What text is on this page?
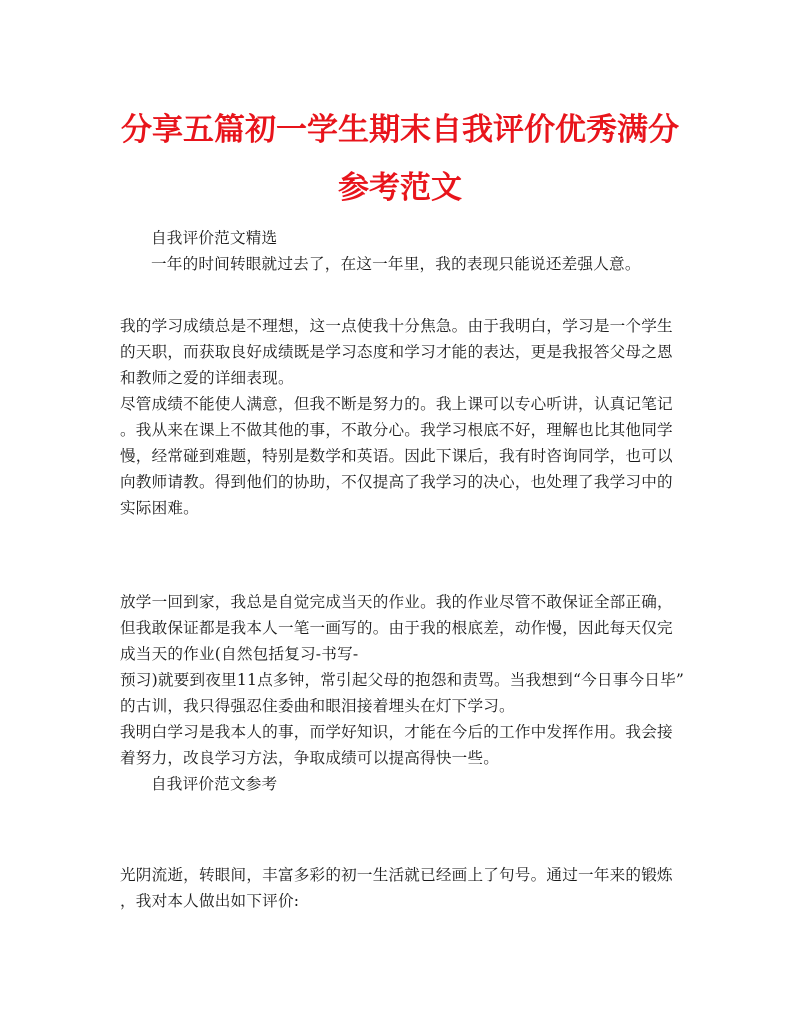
分享五篇初一学生期末自我评价优秀满分
参考范文

自我评价范文精选

一年的时间转眼就过去了，在这一年里，我的表现只能说还差强人意。

我的学习成绩总是不理想，这一点使我十分焦急。由于我明白，学习是一个学生

的天职，而获取良好成绩既是学习态度和学习才能的表达，更是我报答父母之恩

和教师之爱的详细表现。

尽管成绩不能使人满意，但我不断是努力的。我上课可以专心听讲，认真记笔记

。我从来在课上不做其他的事，不敢分心。我学习根底不好，理解也比其他同学

慢，经常碰到难题，特别是数学和英语。因此下课后，我有时咨询同学，也可以

向教师请教。得到他们的协助，不仅提高了我学习的决心，也处理了我学习中的

实际困难。

放学一回到家，我总是自觉完成当天的作业。我的作业尽管不敢保证全部正确，

但我敢保证都是我本人一笔一画写的。由于我的根底差，动作慢，因此每天仅完

成当天的作业(自然包括复习-书写-

预习)就要到夜里11点多钟，常引起父母的抱怨和责骂。当我想到“今日事今日毕”

的古训，我只得强忍住委曲和眼泪接着埋头在灯下学习。

我明白学习是我本人的事，而学好知识，才能在今后的工作中发挥作用。我会接

着努力，改良学习方法，争取成绩可以提高得快一些。

自我评价范文参考

光阴流逝，转眼间，丰富多彩的初一生活就已经画上了句号。通过一年来的锻炼

，我对本人做出如下评价:
